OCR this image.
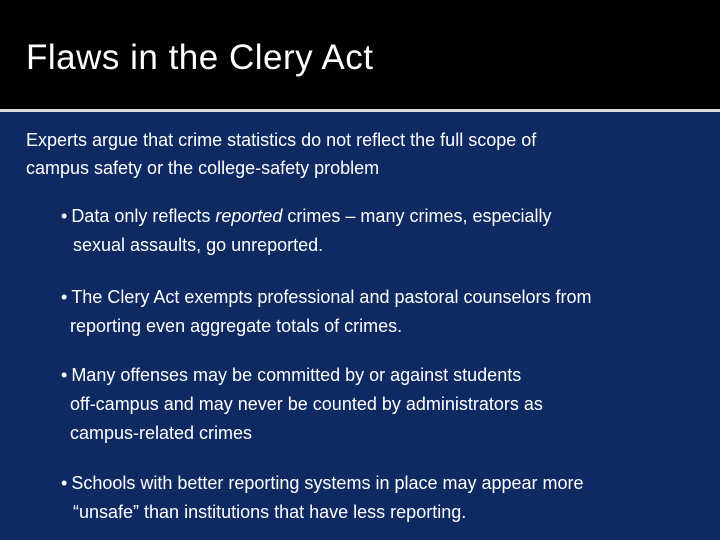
Flaws in the Clery Act
Experts argue that crime statistics do not reflect the full scope of
campus safety or the college-safety problem
• Data only reflects reported crimes – many crimes, especially
sexual assaults, go unreported.
• The Clery Act exempts professional and pastoral counselors from
reporting even aggregate totals of crimes.
• Many offenses may be committed by or against students
off-campus and may never be counted by administrators as
campus-related crimes
• Schools with better reporting systems in place may appear more
“unsafe” than institutions that have less reporting.
